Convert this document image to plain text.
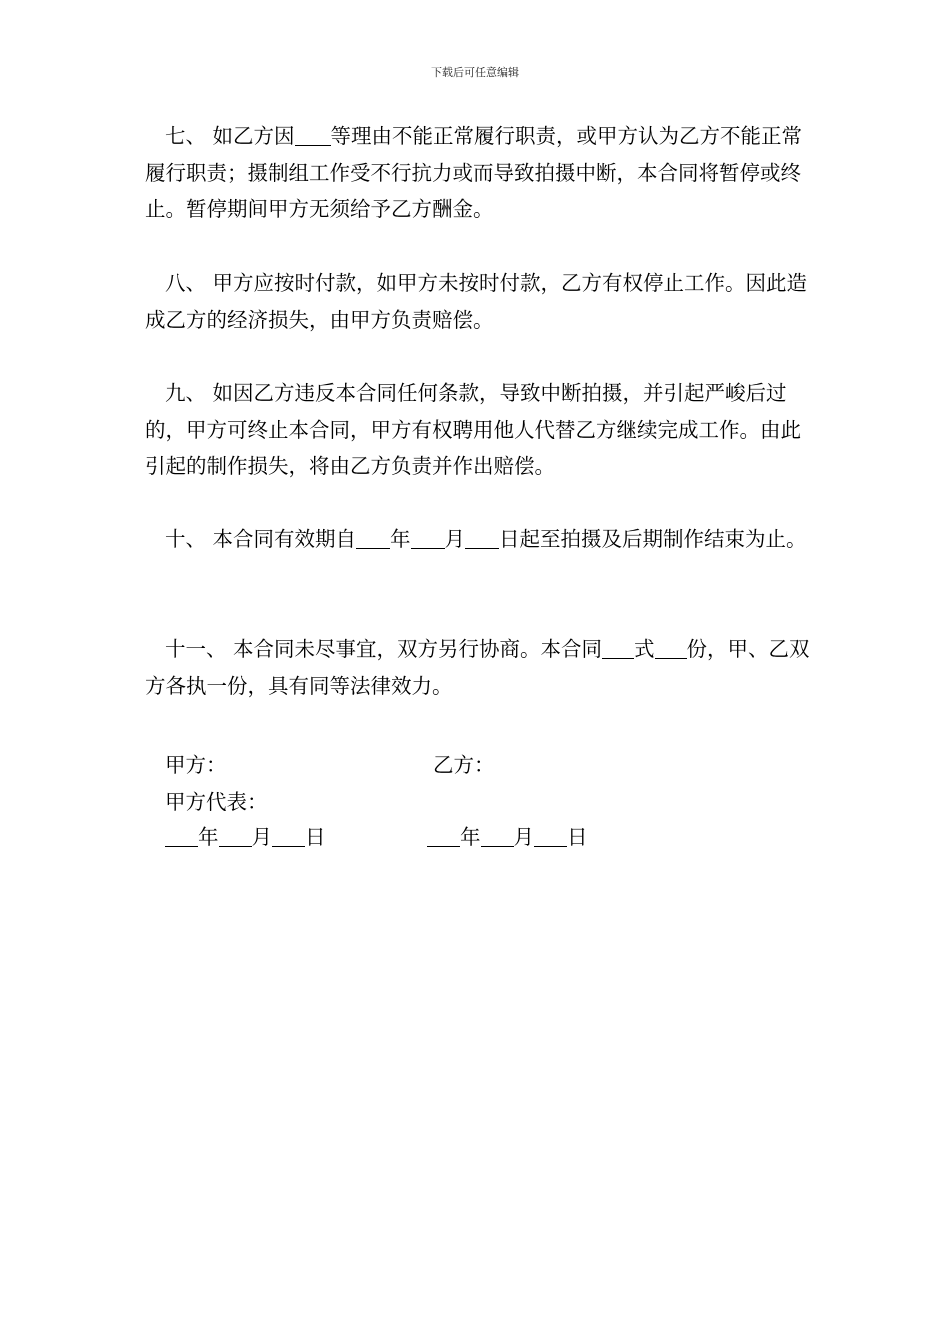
下载后可任意编辑
七、 如乙方因 等理由不能正常履行职责，或甲方认为乙方不能正常履行职责；摄制组工作受不行抗力或而导致拍摄中断，本合同将暂停或终止。暂停期间甲方无须给予乙方酬金。
八、 甲方应按时付款，如甲方未按时付款，乙方有权停止工作。因此造成乙方的经济损失，由甲方负责赔偿。
九、 如因乙方违反本合同任何条款，导致中断拍摄，并引起严峻后过的，甲方可终止本合同，甲方有权聘用他人代替乙方继续完成工作。由此引起的制作损失，将由乙方负责并作出赔偿。
十、 本合同有效期自 年 月 日起至拍摄及后期制作结束为止。
十一、 本合同未尽事宜，双方另行协商。本合同 式 份，甲、乙双方各执一份，具有同等法律效力。
甲方：	乙方：
甲方代表：
年 月 日	年 月 日
